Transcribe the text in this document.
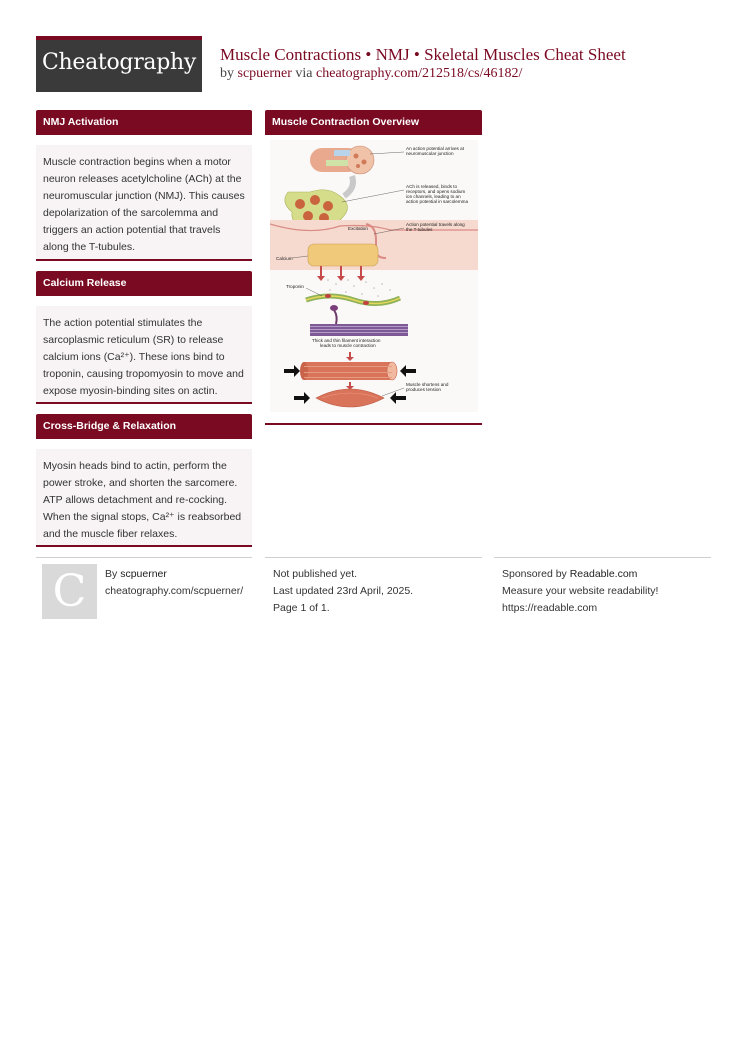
Cheatography	Muscle Contractions • NMJ • Skeletal Muscles Cheat Sheet
by scpuerner via cheatography.com/212518/cs/46182/
NMJ Activation

Muscle contraction begins when a motor neuron releases acetylcholine (ACh) at the neuromuscular junction (NMJ). This causes depolarization of the sarcolemma and triggers an action potential that travels along the T-tubules.

Calcium Release

The action potential stimulates the sarcoplasmic reticulum (SR) to release calcium ions (Ca²⁺). These ions bind to troponin, causing tropomyosin to move and expose myosin-binding sites on actin.

Cross-Bridge & Relaxation

Myosin heads bind to actin, perform the power stroke, and shorten the sarcomere. ATP allows detachment and re-cocking. When the signal stops, Ca²⁺ is reabsorbed and the muscle fiber relaxes.

Muscle Contraction Overview
An action potential arrives at
neuromuscular junction
ACh is released, binds to
receptors, and opens sodium
ion channels, leading to an
action potential in sarcolemma
Excitation
Action potential travels along
the T-tubules
Calcium
Troponin
Thick and thin filament interaction
leads to muscle contraction
Muscle shortens and
produces tension
C	By scpuerner
cheatography.com/scpuerner/
Not published yet.
Last updated 23rd April, 2025.
Page 1 of 1.
Sponsored by Readable.com
Measure your website readability!
https://readable.com
